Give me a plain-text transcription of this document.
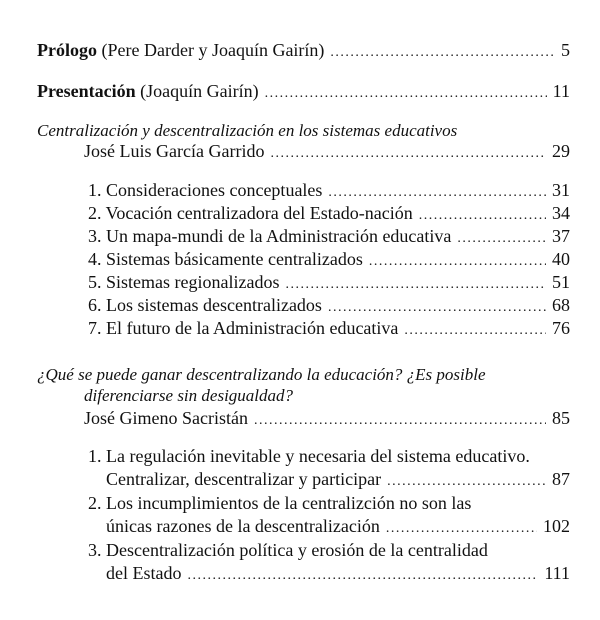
Prólogo (Pere Darder y Joaquín Gairín) . . .	5
Presentación (Joaquín Gairín) . . .	11
Centralización y descentralización en los sistemas educativos
José Luis García Garrido . . .	29
1. Consideraciones conceptuales . . .	31
2. Vocación centralizadora del Estado-nación . . .	34
3. Un mapa-mundi de la Administración educativa . . .	37
4. Sistemas básicamente centralizados . . .	40
5. Sistemas regionalizados . . .	51
6. Los sistemas descentralizados . . .	68
7. El futuro de la Administración educativa . . .	76
¿Qué se puede ganar descentralizando la educación? ¿Es posible
diferenciarse sin desigualdad?
José Gimeno Sacristán . . .	85
1. La regulación inevitable y necesaria del sistema educativo.
Centralizar, descentralizar y participar . . .	87
2. Los incumplimientos de la centralizción no son las
únicas razones de la descentralización . . .	102
3. Descentralización política y erosión de la centralidad
del Estado . . .	111
